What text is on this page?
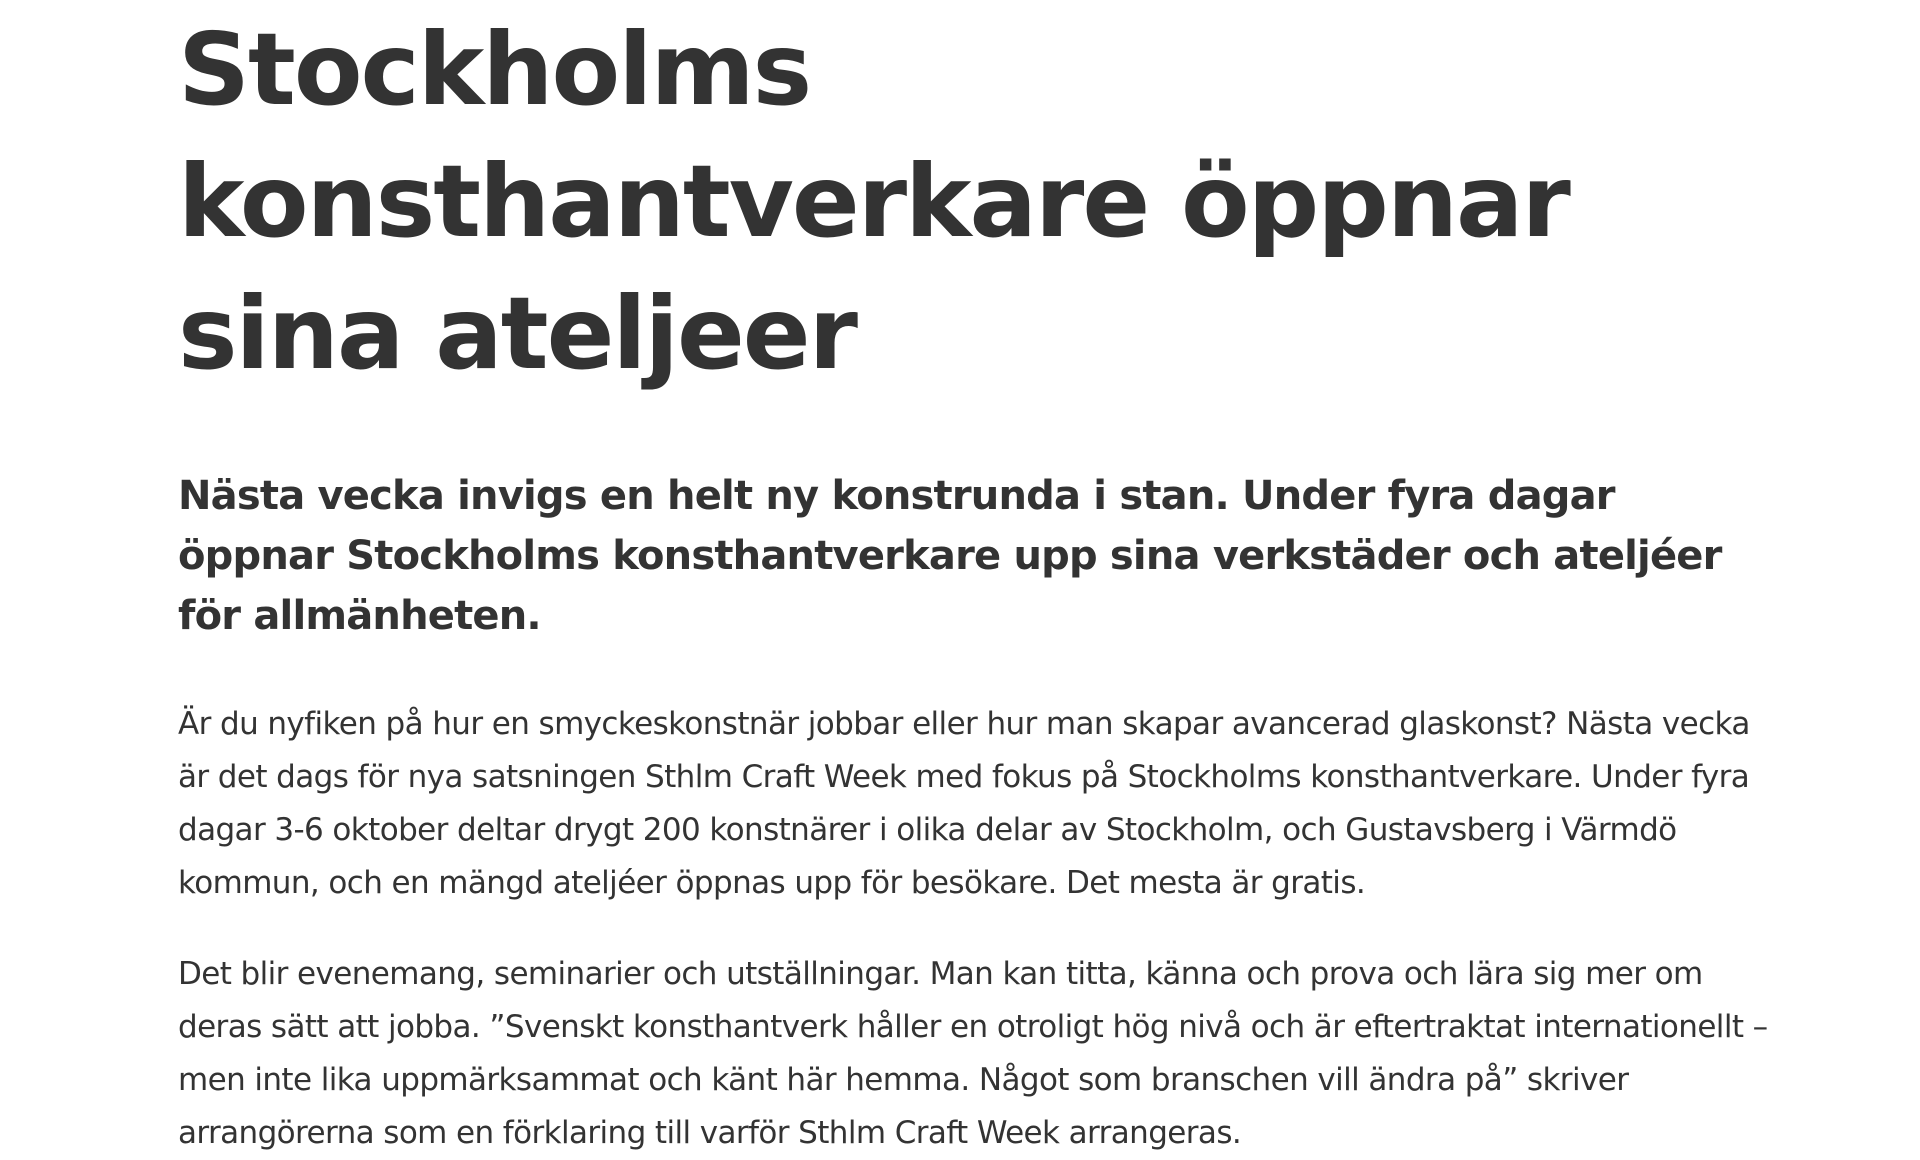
Stockholms konsthantverkare öppnar sina ateljeer

Nästa vecka invigs en helt ny konstrunda i stan. Under fyra dagar öppnar Stockholms konsthantverkare upp sina verkstäder och ateljéer för allmänheten.

Är du nyfiken på hur en smyckeskonstnär jobbar eller hur man skapar avancerad glaskonst? Nästa vecka är det dags för nya satsningen Sthlm Craft Week med fokus på Stockholms konsthantverkare. Under fyra dagar 3-6 oktober deltar drygt 200 konstnärer i olika delar av Stockholm, och Gustavsberg i Värmdö kommun, och en mängd ateljéer öppnas upp för besökare. Det mesta är gratis.

Det blir evenemang, seminarier och utställningar. Man kan titta, känna och prova och lära sig mer om deras sätt att jobba. ”Svenskt konsthantverk håller en otroligt hög nivå och är eftertraktat internationellt – men inte lika uppmärksammat och känt här hemma. Något som branschen vill ändra på” skriver arrangörerna som en förklaring till varför Sthlm Craft Week arrangeras.
